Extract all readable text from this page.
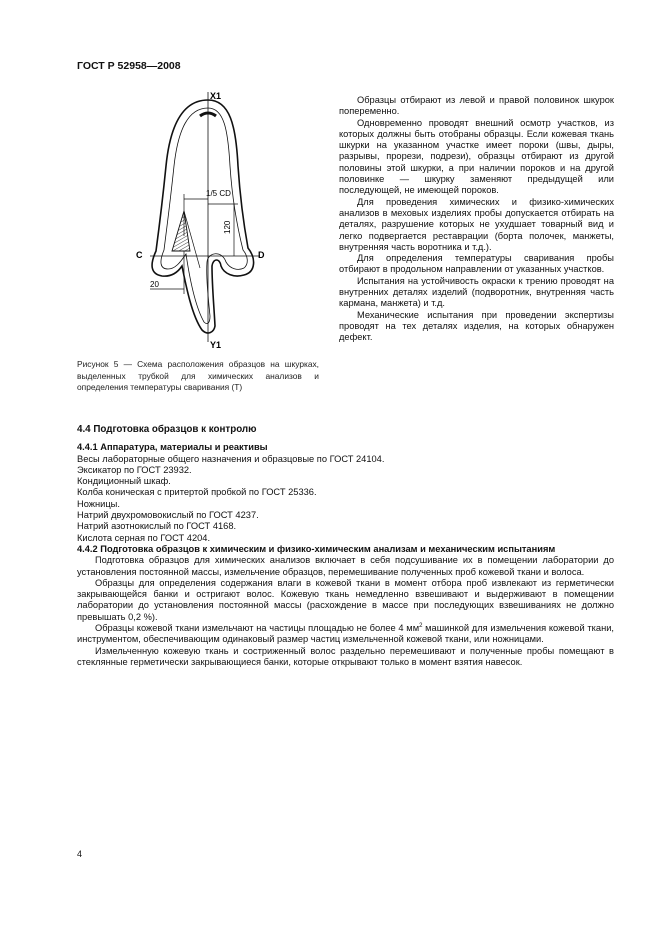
ГОСТ Р 52958—2008
X1
Y1
C	D
1/5 CD
120
20
Рисунок 5 — Схема расположения образцов на шкурках, выделенных трубкой для химических анализов и определения температуры сваривания (T)

Образцы отбирают из левой и правой половинок шкурок попеременно.

Одновременно проводят внешний осмотр участков, из которых должны быть отобраны образцы. Если кожевая ткань шкурки на указанном участке имеет пороки (швы, дыры, разрывы, прорези, подрези), образцы отбирают из другой половины этой шкурки, а при наличии пороков и на другой половинке — шкурку заменяют предыдущей или последующей, не имеющей пороков.

Для проведения химических и физико-химических анализов в меховых изделиях пробы допускается отбирать на деталях, разрушение которых не ухудшает товарный вид и легко подвергается реставрации (борта полочек, манжеты, внутренняя часть воротника и т.д.).

Для определения температуры сваривания пробы отбирают в продольном направлении от указанных участков.

Испытания на устойчивость окраски к трению проводят на внутренних деталях изделий (подворотник, внутренняя часть кармана, манжета) и т.д.

Механические испытания при проведении экспертизы проводят на тех деталях изделия, на которых обнаружен дефект.

4.4 Подготовка образцов к контролю

4.4.1 Аппаратура, материалы и реактивы

Весы лабораторные общего назначения и образцовые по ГОСТ 24104.

Эксикатор по ГОСТ 23932.

Кондиционный шкаф.

Колба коническая с притертой пробкой по ГОСТ 25336.

Ножницы.

Натрий двухромовокислый по ГОСТ 4237.

Натрий азотнокислый по ГОСТ 4168.

Кислота серная по ГОСТ 4204.

4.4.2 Подготовка образцов к химическим и физико-химическим анализам и механическим испытаниям

Подготовка образцов для химических анализов включает в себя подсушивание их в помещении лаборатории до установления постоянной массы, измельчение образцов, перемешивание полученных проб кожевой ткани и волоса.

Образцы для определения содержания влаги в кожевой ткани в момент отбора проб извлекают из герметически закрывающейся банки и остригают волос. Кожевую ткань немедленно взвешивают и выдерживают в помещении лаборатории до установления постоянной массы (расхождение в массе при последующих взвешиваниях не должно превышать 0,2 %).

Образцы кожевой ткани измельчают на частицы площадью не более 4 $мм^2$ машинкой для измельчения кожевой ткани, инструментом, обеспечивающим одинаковый размер частиц измельченной кожевой ткани, или ножницами.

Измельченную кожевую ткань и состриженный волос раздельно перемешивают и полученные пробы помещают в стеклянные герметически закрывающиеся банки, которые открывают только в момент взятия навесок.

4
